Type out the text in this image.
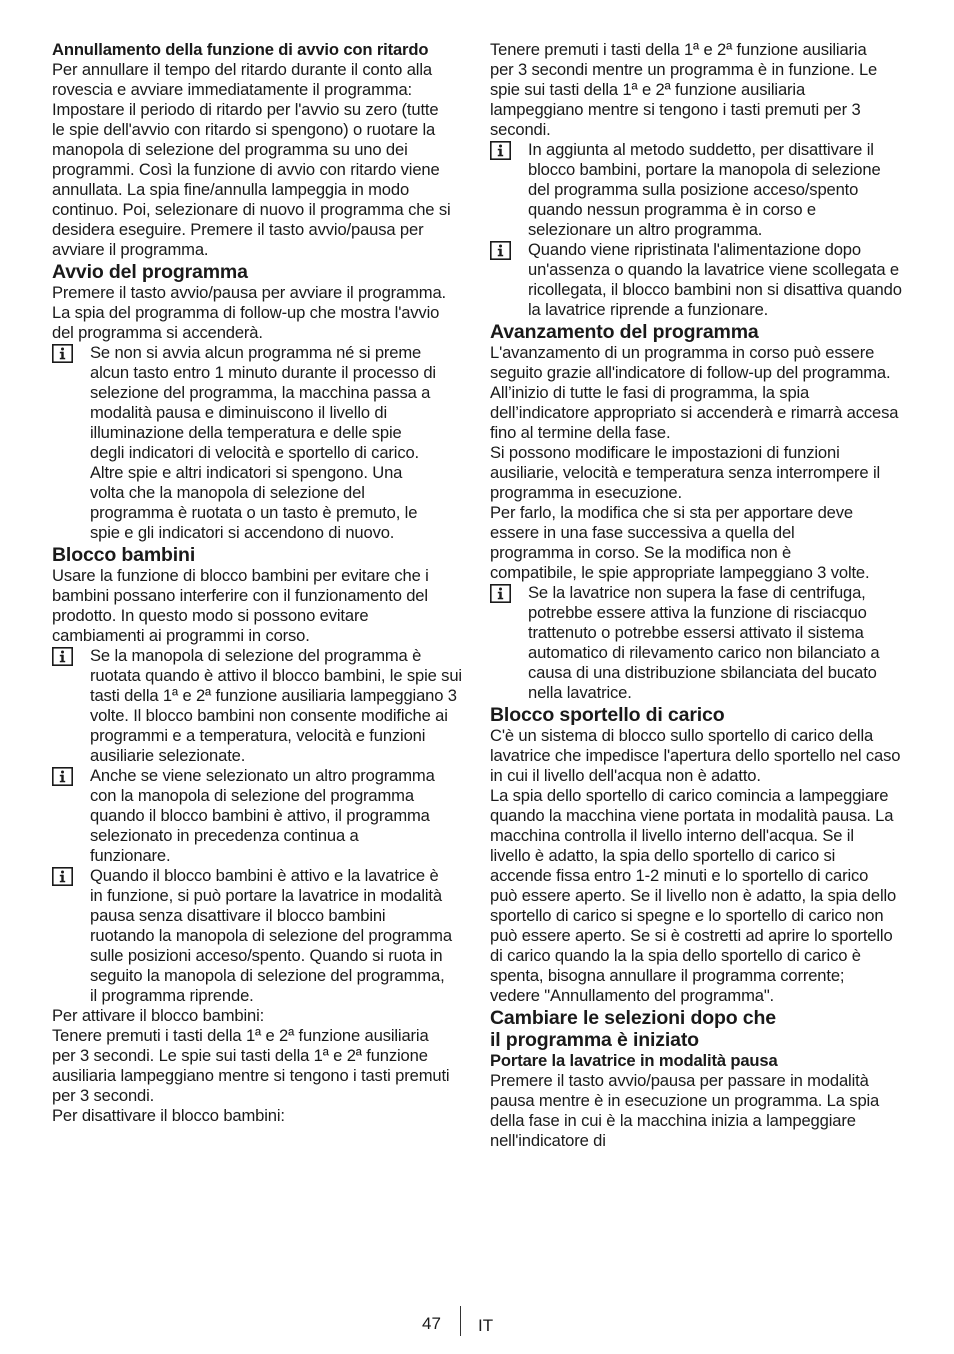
Annullamento della funzione di avvio con ritardo

Per annullare il tempo del ritardo durante il conto alla rovescia e avviare immediatamente il programma:

Impostare il periodo di ritardo per l'avvio su zero (tutte le spie dell'avvio con ritardo si spengono) o ruotare la manopola di selezione del programma su uno dei programmi. Così la funzione di avvio con ritardo viene annullata. La spia fine/annulla lampeggia in modo continuo. Poi, selezionare di nuovo il programma che si desidera eseguire. Premere il tasto avvio/pausa per avviare il programma.

Avvio del programma

Premere il tasto avvio/pausa per avviare il programma. La spia del programma di follow-up che mostra l'avvio del programma si accenderà.

Se non si avvia alcun programma né si preme alcun tasto entro 1 minuto durante il processo di selezione del programma, la macchina passa a modalità pausa e diminuiscono il livello di illuminazione della temperatura e delle spie degli indicatori di velocità e sportello di carico. Altre spie e altri indicatori si spengono. Una volta che la manopola di selezione del programma è ruotata o un tasto è premuto, le spie e gli indicatori si accendono di nuovo.
Blocco bambini

Usare la funzione di blocco bambini per evitare che i bambini possano interferire con il funzionamento del prodotto. In questo modo si possono evitare cambiamenti ai programmi in corso.

Se la manopola di selezione del programma è ruotata quando è attivo il blocco bambini, le spie sui tasti della 1ª e 2ª funzione ausiliaria lampeggiano 3 volte. Il blocco bambini non consente modifiche ai programmi e a temperatura, velocità e funzioni ausiliarie selezionate.
Anche se viene selezionato un altro programma con la manopola di selezione del programma quando il blocco bambini è attivo, il programma selezionato in precedenza continua a funzionare.
Quando il blocco bambini è attivo e la lavatrice è in funzione, si può portare la lavatrice in modalità pausa senza disattivare il blocco bambini ruotando la manopola di selezione del programma sulle posizioni acceso/spento. Quando si ruota in seguito la manopola di selezione del programma, il programma riprende.

Per attivare il blocco bambini:

Tenere premuti i tasti della 1ª e 2ª funzione ausiliaria per 3 secondi. Le spie sui tasti della 1ª e 2ª funzione ausiliaria lampeggiano mentre si tengono i tasti premuti per 3 secondi.

Per disattivare il blocco bambini:

Tenere premuti i tasti della 1ª e 2ª funzione ausiliaria per 3 secondi mentre un programma è in funzione. Le spie sui tasti della 1ª e 2ª funzione ausiliaria lampeggiano mentre si tengono i tasti premuti per 3 secondi.

In aggiunta al metodo suddetto, per disattivare il blocco bambini, portare la manopola di selezione del programma sulla posizione acceso/spento quando nessun programma è in corso e selezionare un altro programma.
Quando viene ripristinata l'alimentazione dopo un'assenza o quando la lavatrice viene scollegata e ricollegata, il blocco bambini non si disattiva quando la lavatrice riprende a funzionare.
Avanzamento del programma

L'avanzamento di un programma in corso può essere seguito grazie all'indicatore di follow-up del programma. All’inizio di tutte le fasi di programma, la spia dell’indicatore appropriato si accenderà e rimarrà accesa fino al termine della fase.

Si possono modificare le impostazioni di funzioni ausiliarie, velocità e temperatura senza interrompere il programma in esecuzione.

Per farlo, la modifica che si sta per apportare deve essere in una fase successiva a quella del programma in corso. Se la modifica non è compatibile, le spie appropriate lampeggiano 3 volte.

Se la lavatrice non supera la fase di centrifuga, potrebbe essere attiva la funzione di risciacquo trattenuto o potrebbe essersi attivato il sistema automatico di rilevamento carico non bilanciato a causa di una distribuzione sbilanciata del bucato nella lavatrice.
Blocco sportello di carico

C'è un sistema di blocco sullo sportello di carico della lavatrice che impedisce l'apertura dello sportello nel caso in cui il livello dell'acqua non è adatto.

La spia dello sportello di carico comincia a lampeggiare quando la macchina viene portata in modalità pausa. La macchina controlla il livello interno dell'acqua. Se il livello è adatto, la spia dello sportello di carico si accende fissa entro 1-2 minuti e lo sportello di carico può essere aperto. Se il livello non è adatto, la spia dello sportello di carico si spegne e lo sportello di carico non può essere aperto. Se si è costretti ad aprire lo sportello di carico quando la la spia dello sportello di carico è spenta, bisogna annullare il programma corrente; vedere "Annullamento del programma".

Cambiare le selezioni dopo che il programma è iniziato
Portare la lavatrice in modalità pausa

Premere il tasto avvio/pausa per passare in modalità pausa mentre è in esecuzione un programma. La spia della fase in cui è la macchina inizia a lampeggiare nell'indicatore di

47 IT
